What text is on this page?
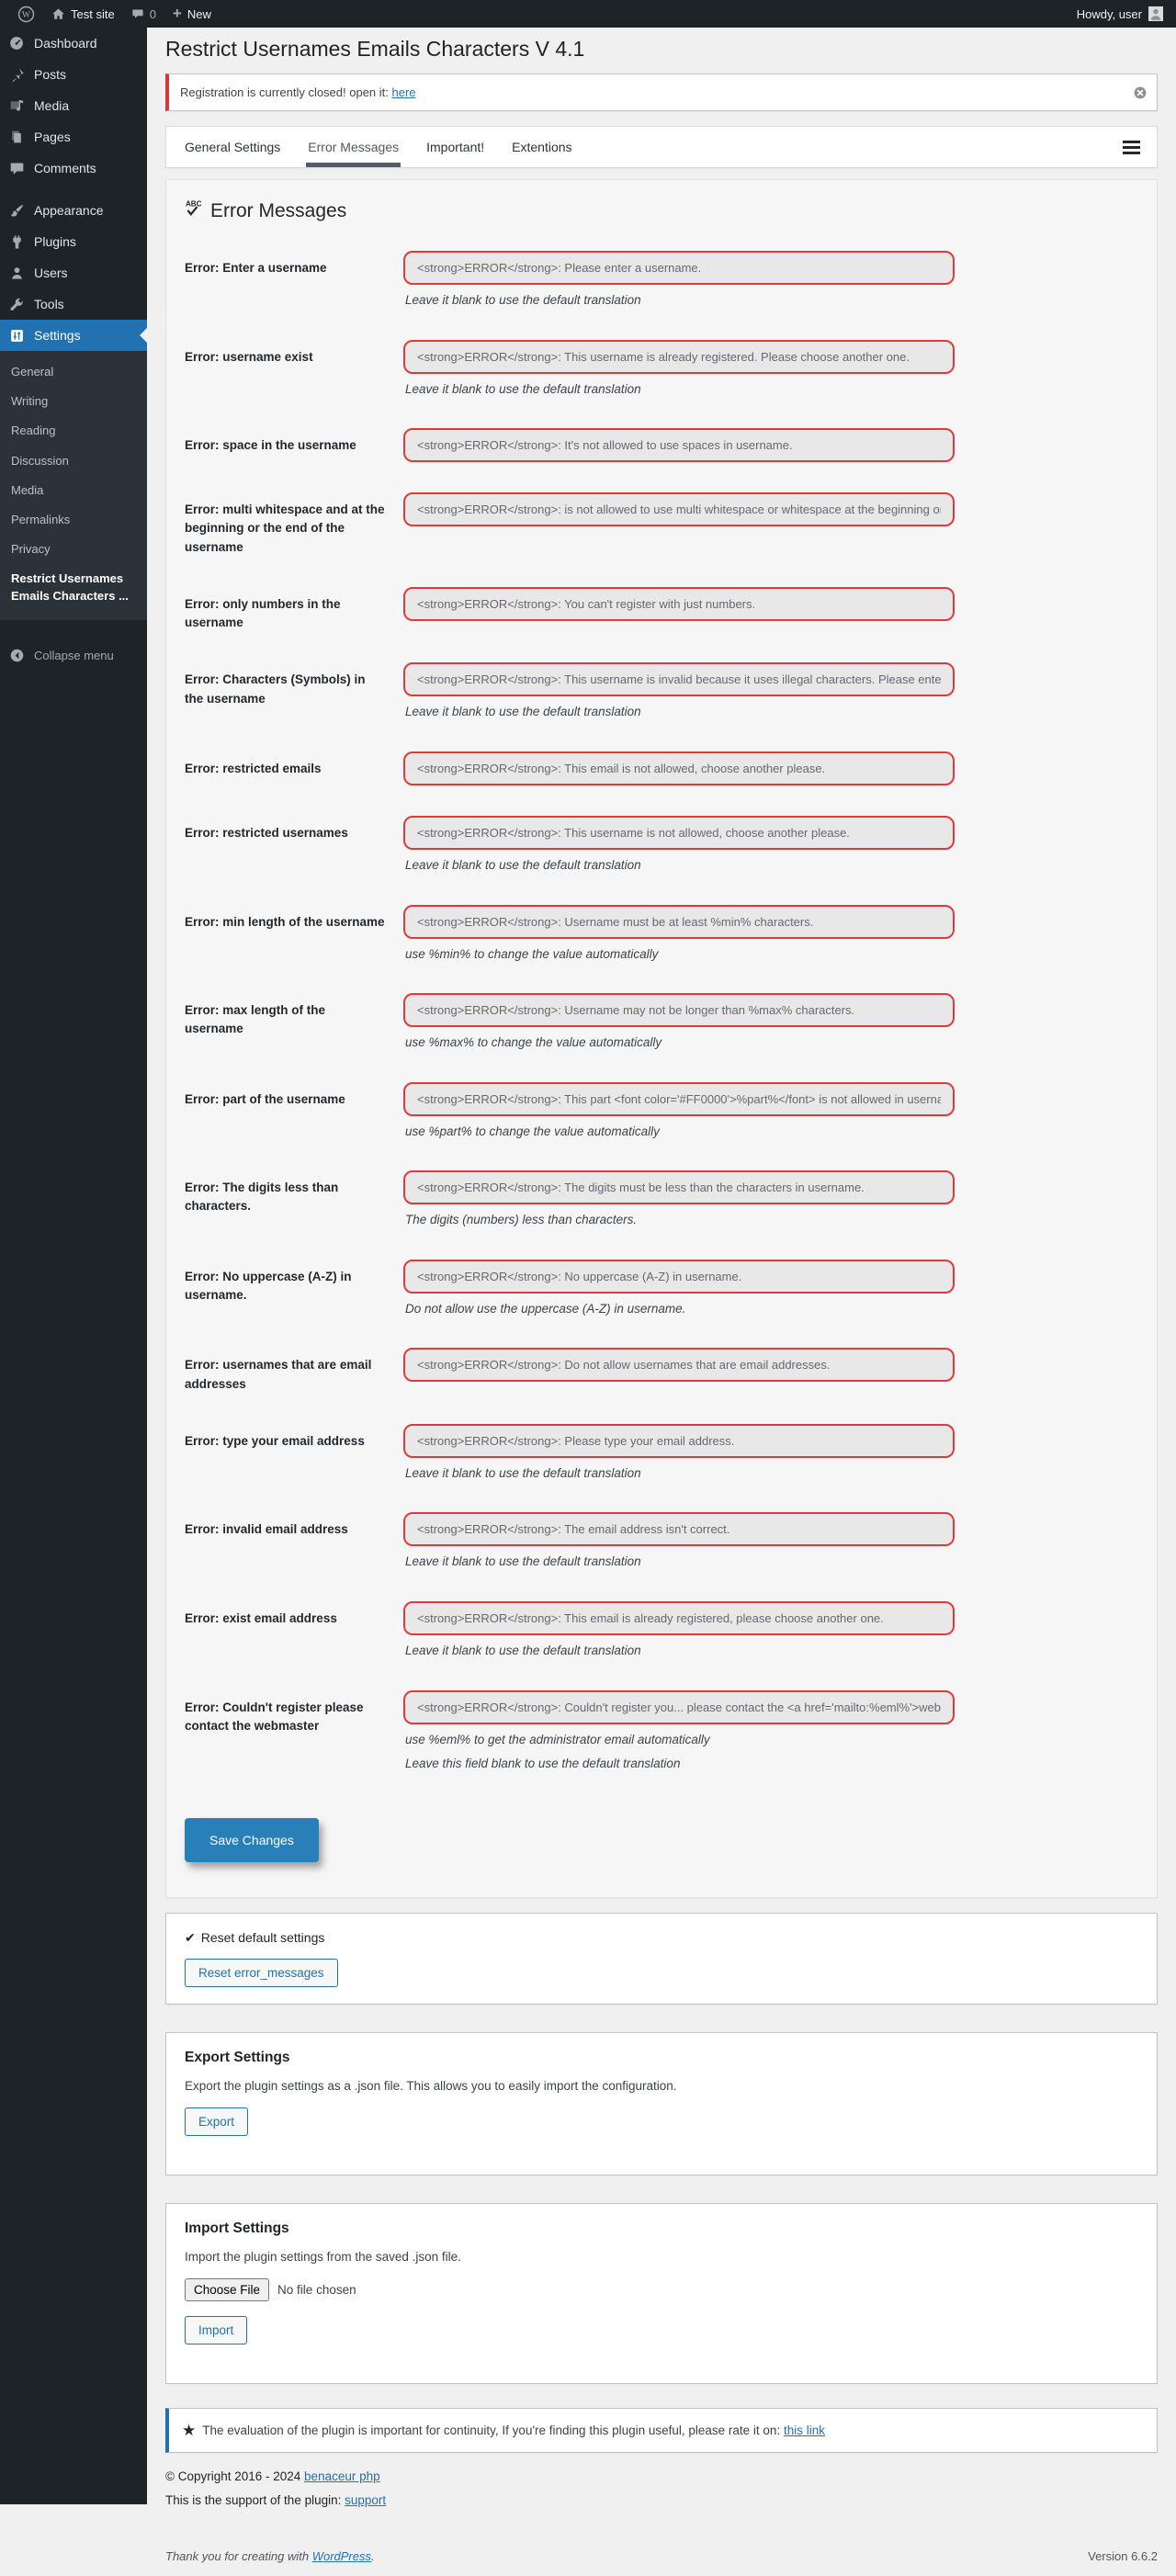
W	Test site	0 + New	Howdy, user
Dashboard
Posts
Media
Pages
Comments
Appearance
Plugins
Users
Tools
Settings
General
Writing
Reading
Discussion
Media
Permalinks
Privacy
Restrict Usernames Emails Characters ...
Collapse menu
Restrict Usernames Emails Characters V 4.1
Registration is currently closed! open it: here
General Settings Error Messages Important! Extentions
ABC Error Messages
Error: Enter a username
<strong>ERROR</strong>: Please enter a username.
Leave it blank to use the default translation
Error: username exist
<strong>ERROR</strong>: This username is already registered. Please choose another one.
Leave it blank to use the default translation
Error: space in the username
<strong>ERROR</strong>: It's not allowed to use spaces in username.
Error: multi whitespace and at the beginning or the end of the username
<strong>ERROR</strong>: is not allowed to use multi whitespace or whitespace at the beginning or th
Error: only numbers in the username
<strong>ERROR</strong>: You can't register with just numbers.
Error: Characters (Symbols) in the username
<strong>ERROR</strong>: This username is invalid because it uses illegal characters. Please enter a
Leave it blank to use the default translation
Error: restricted emails
<strong>ERROR</strong>: This email is not allowed, choose another please.
Error: restricted usernames
<strong>ERROR</strong>: This username is not allowed, choose another please.
Leave it blank to use the default translation
Error: min length of the username
<strong>ERROR</strong>: Username must be at least %min% characters.
use %min% to change the value automatically
Error: max length of the username
<strong>ERROR</strong>: Username may not be longer than %max% characters.
use %max% to change the value automatically
Error: part of the username
<strong>ERROR</strong>: This part <font color='#FF0000'>%part%</font> is not allowed in username
use %part% to change the value automatically
Error: The digits less than characters.
<strong>ERROR</strong>: The digits must be less than the characters in username.
The digits (numbers) less than characters.
Error: No uppercase (A-Z) in username.
<strong>ERROR</strong>: No uppercase (A-Z) in username.
Do not allow use the uppercase (A-Z) in username.
Error: usernames that are email addresses
<strong>ERROR</strong>: Do not allow usernames that are email addresses.
Error: type your email address
<strong>ERROR</strong>: Please type your email address.
Leave it blank to use the default translation
Error: invalid email address
<strong>ERROR</strong>: The email address isn't correct.
Leave it blank to use the default translation
Error: exist email address
<strong>ERROR</strong>: This email is already registered, please choose another one.
Leave it blank to use the default translation
Error: Couldn't register please contact the webmaster
<strong>ERROR</strong>: Couldn't register you... please contact the <a href='mailto:%eml%'>webma
use %eml% to get the administrator email automatically
Leave this field blank to use the default translation
Save Changes
✔ Reset default settings
Reset error_messages
Export Settings

Export the plugin settings as a .json file. This allows you to easily import the configuration.

Export
Import Settings

Import the plugin settings from the saved .json file.

Choose File	No file chosen
Import
★ The evaluation of the plugin is important for continuity, If you're finding this plugin useful, please rate it on: this link
© Copyright 2016 - 2024 benaceur php
This is the support of the plugin: support
Thank you for creating with WordPress.	Version 6.6.2
